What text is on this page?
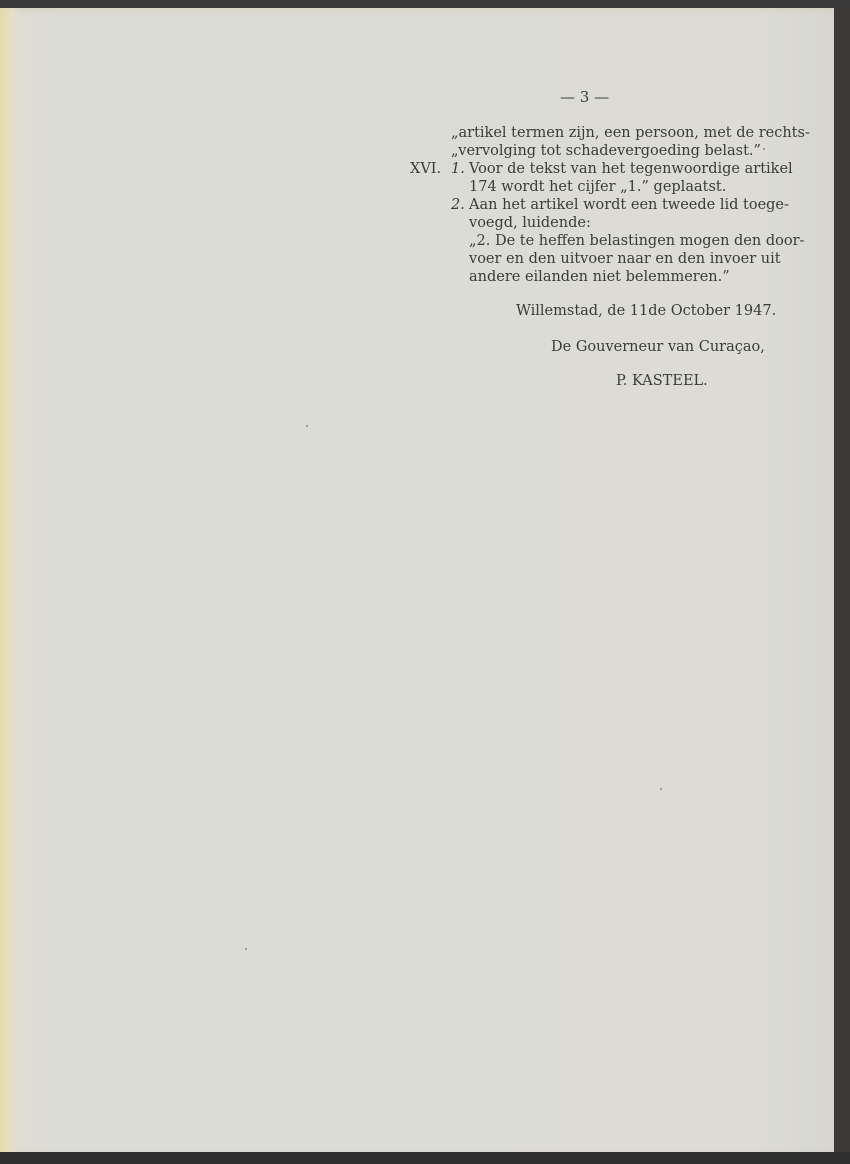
— 3 —
„artikel termen zijn, een persoon, met de rechts-
„vervolging tot schadevergoeding belast.”
XVI. 1. Voor de tekst van het tegenwoordige artikel
174 wordt het cijfer „1.” geplaatst.
2. Aan het artikel wordt een tweede lid toege-
voegd, luidende:
„2. De te heffen belastingen mogen den door-
voer en den uitvoer naar en den invoer uit
andere eilanden niet belemmeren.”
Willemstad, de 11de October 1947.
De Gouverneur van Curaçao,
P. KASTEEL.
